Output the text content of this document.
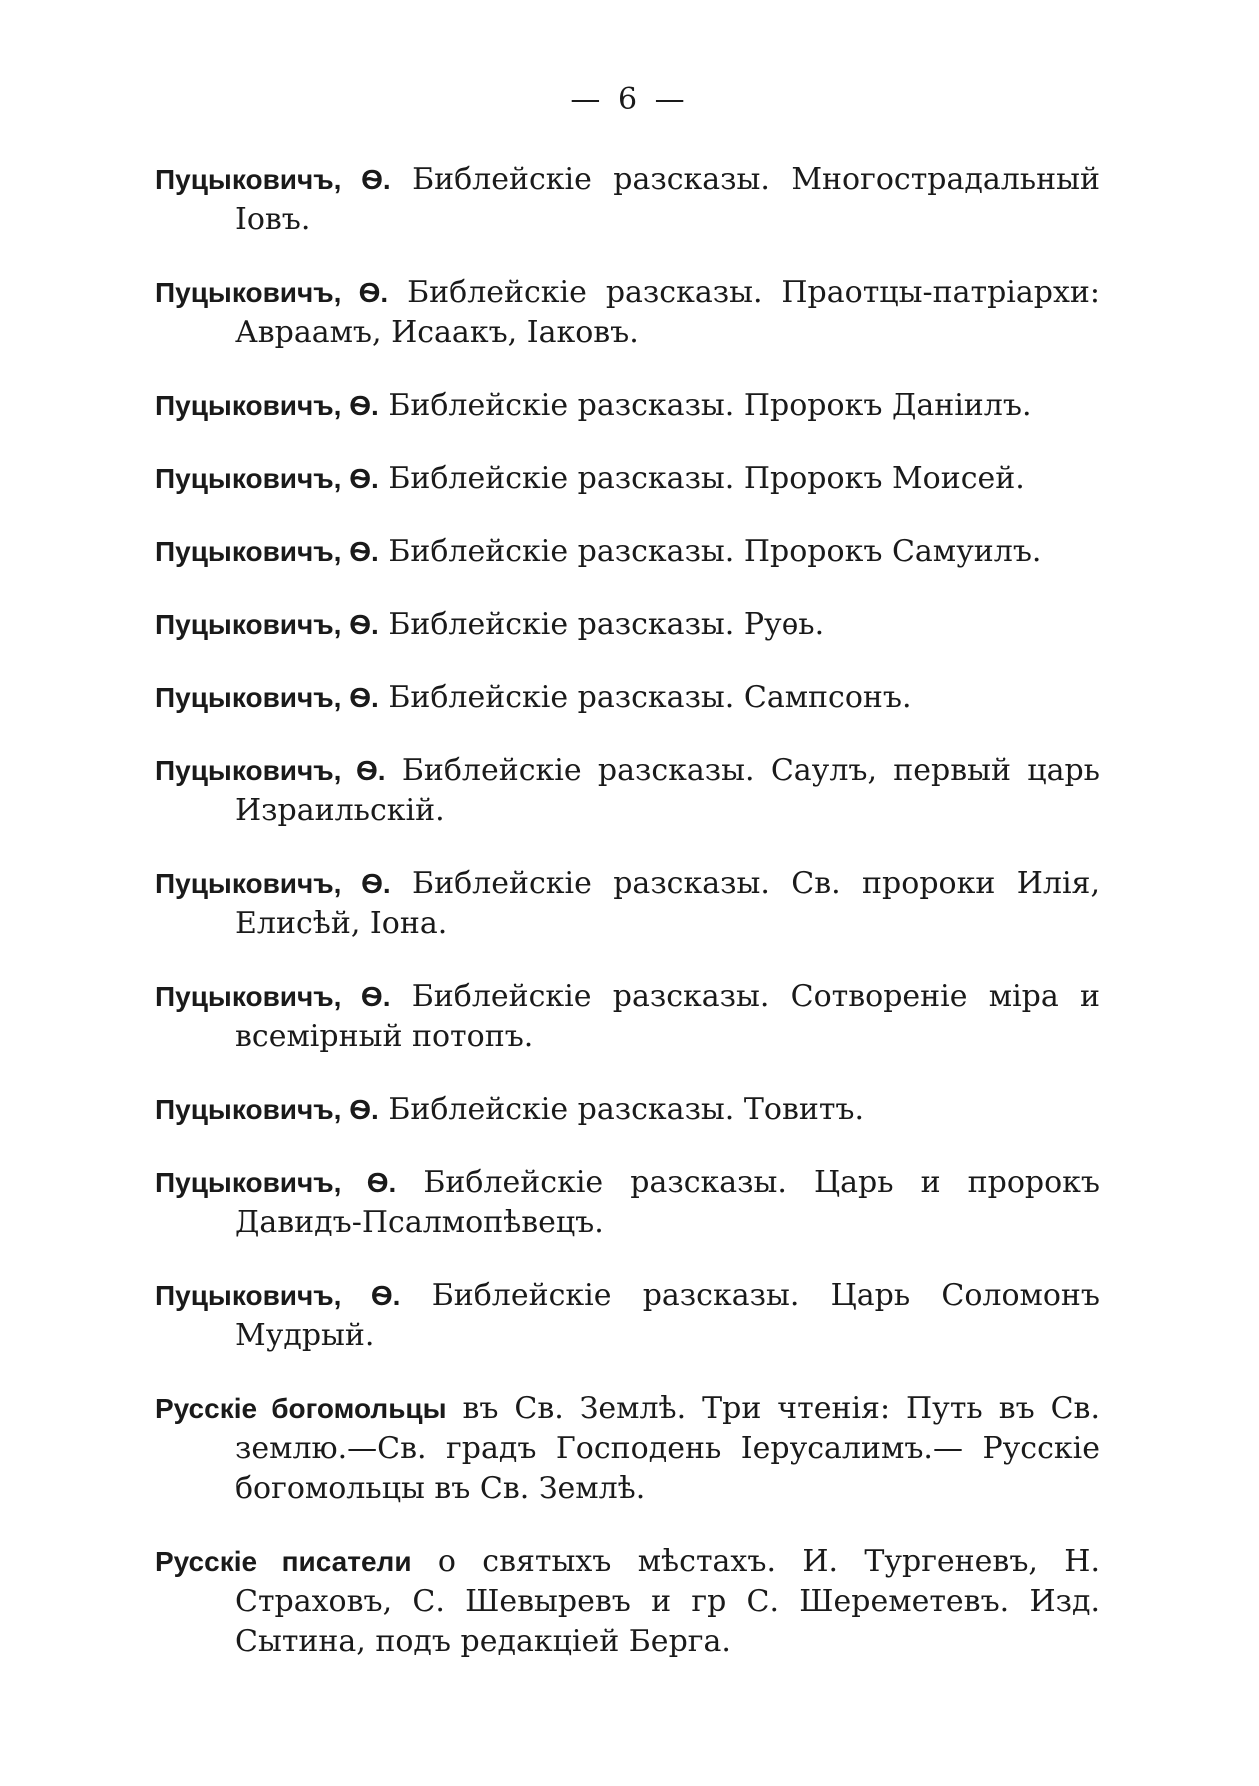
— 6 —
Пуцыковичъ, Ѳ. Библейскіе разсказы. Многострадальный Іовъ.
Пуцыковичъ, Ѳ. Библейскіе разсказы. Праотцы-патріархи: Авраамъ, Исаакъ, Іаковъ.
Пуцыковичъ, Ѳ. Библейскіе разсказы. Пророкъ Даніилъ.
Пуцыковичъ, Ѳ. Библейскіе разсказы. Пророкъ Моисей.
Пуцыковичъ, Ѳ. Библейскіе разсказы. Пророкъ Самуилъ.
Пуцыковичъ, Ѳ. Библейскіе разсказы. Руѳь.
Пуцыковичъ, Ѳ. Библейскіе разсказы. Сампсонъ.
Пуцыковичъ, Ѳ. Библейскіе разсказы. Саулъ, первый царь Израильскій.
Пуцыковичъ, Ѳ. Библейскіе разсказы. Св. пророки Илія, Елисѣй, Іона.
Пуцыковичъ, Ѳ. Библейскіе разсказы. Сотвореніе міра и всемірный потопъ.
Пуцыковичъ, Ѳ. Библейскіе разсказы. Товитъ.
Пуцыковичъ, Ѳ. Библейскіе разсказы. Царь и пророкъ Давидъ-Псалмопѣвецъ.
Пуцыковичъ, Ѳ. Библейскіе разсказы. Царь Соломонъ Мудрый.
Русскіе богомольцы въ Св. Землѣ. Три чтенія: Путь въ Св. землю.—Св. градъ Господень Іерусалимъ.— Русскіе богомольцы въ Св. Землѣ.
Русскіе писатели о святыхъ мѣстахъ. И. Тургеневъ, Н. Страховъ, С. Шевыревъ и гр С. Шереметевъ. Изд. Сытина, подъ редакціей Берга.
